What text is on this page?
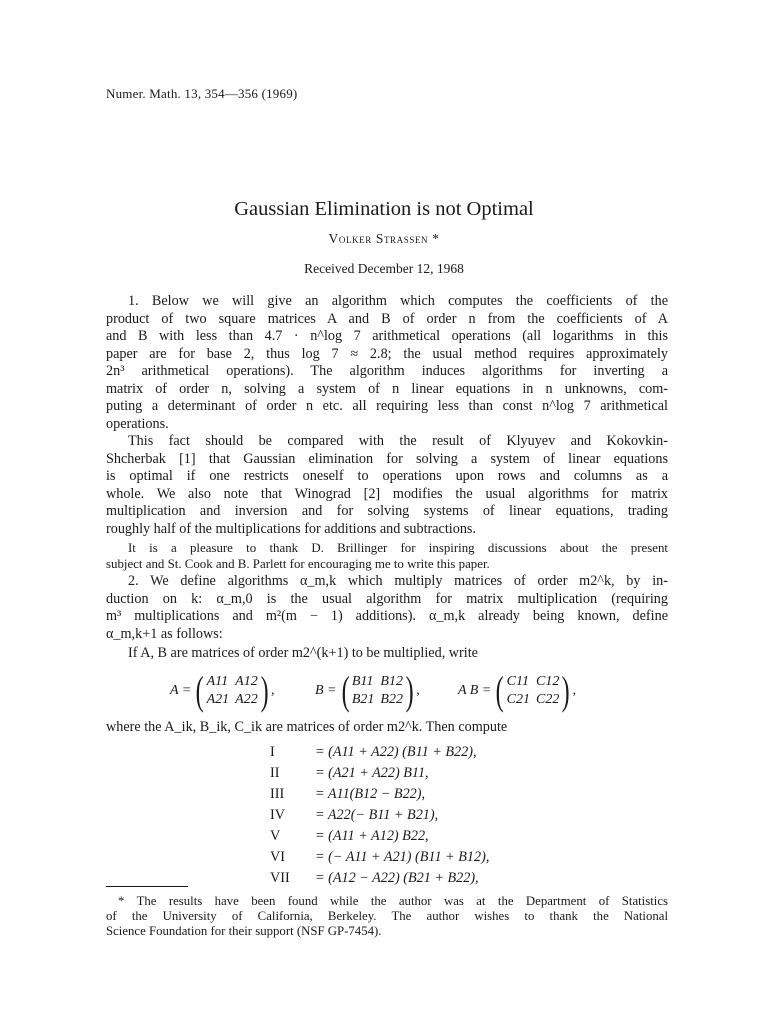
Numer. Math. 13, 354—356 (1969)
Gaussian Elimination is not Optimal
Volker Strassen *
Received December 12, 1968
1. Below we will give an algorithm which computes the coefficients of the
product of two square matrices A and B of order n from the coefficients of A
and B with less than 4.7 · n^log 7 arithmetical operations (all logarithms in this
paper are for base 2, thus log 7 ≈ 2.8; the usual method requires approximately
2n³ arithmetical operations). The algorithm induces algorithms for inverting a
matrix of order n, solving a system of n linear equations in n unknowns, com-
puting a determinant of order n etc. all requiring less than const n^log 7 arithmetical
operations.
This fact should be compared with the result of Klyuyev and Kokovkin-
Shcherbak [1] that Gaussian elimination for solving a system of linear equations
is optimal if one restricts oneself to operations upon rows and columns as a
whole. We also note that Winograd [2] modifies the usual algorithms for matrix
multiplication and inversion and for solving systems of linear equations, trading
roughly half of the multiplications for additions and subtractions.
It is a pleasure to thank D. Brillinger for inspiring discussions about the present
subject and St. Cook and B. Parlett for encouraging me to write this paper.
2. We define algorithms α_m,k which multiply matrices of order m2^k, by in-
duction on k: α_m,0 is the usual algorithm for matrix multiplication (requiring
m³ multiplications and m²(m − 1) additions). α_m,k already being known, define
α_m,k+1 as follows:
If A, B are matrices of order m2^(k+1) to be multiplied, write
A = ( A11 A12
A21 A22 ) ,	B = ( B11 B12
B21 B22 ) ,	A B = ( C11 C12
C21 C22 ) ,
where the A_ik, B_ik, C_ik are matrices of order m2^k. Then compute
I	= (A11 + A22) (B11 + B22),
II	= (A21 + A22) B11,
III = A11(B12 − B22),
IV = A22(− B11 + B21),
V = (A11 + A12) B22,
VI = (− A11 + A21) (B11 + B12),
VII = (A12 − A22) (B21 + B22),
* The results have been found while the author was at the Department of Statistics
of the University of California, Berkeley. The author wishes to thank the National
Science Foundation for their support (NSF GP-7454).
